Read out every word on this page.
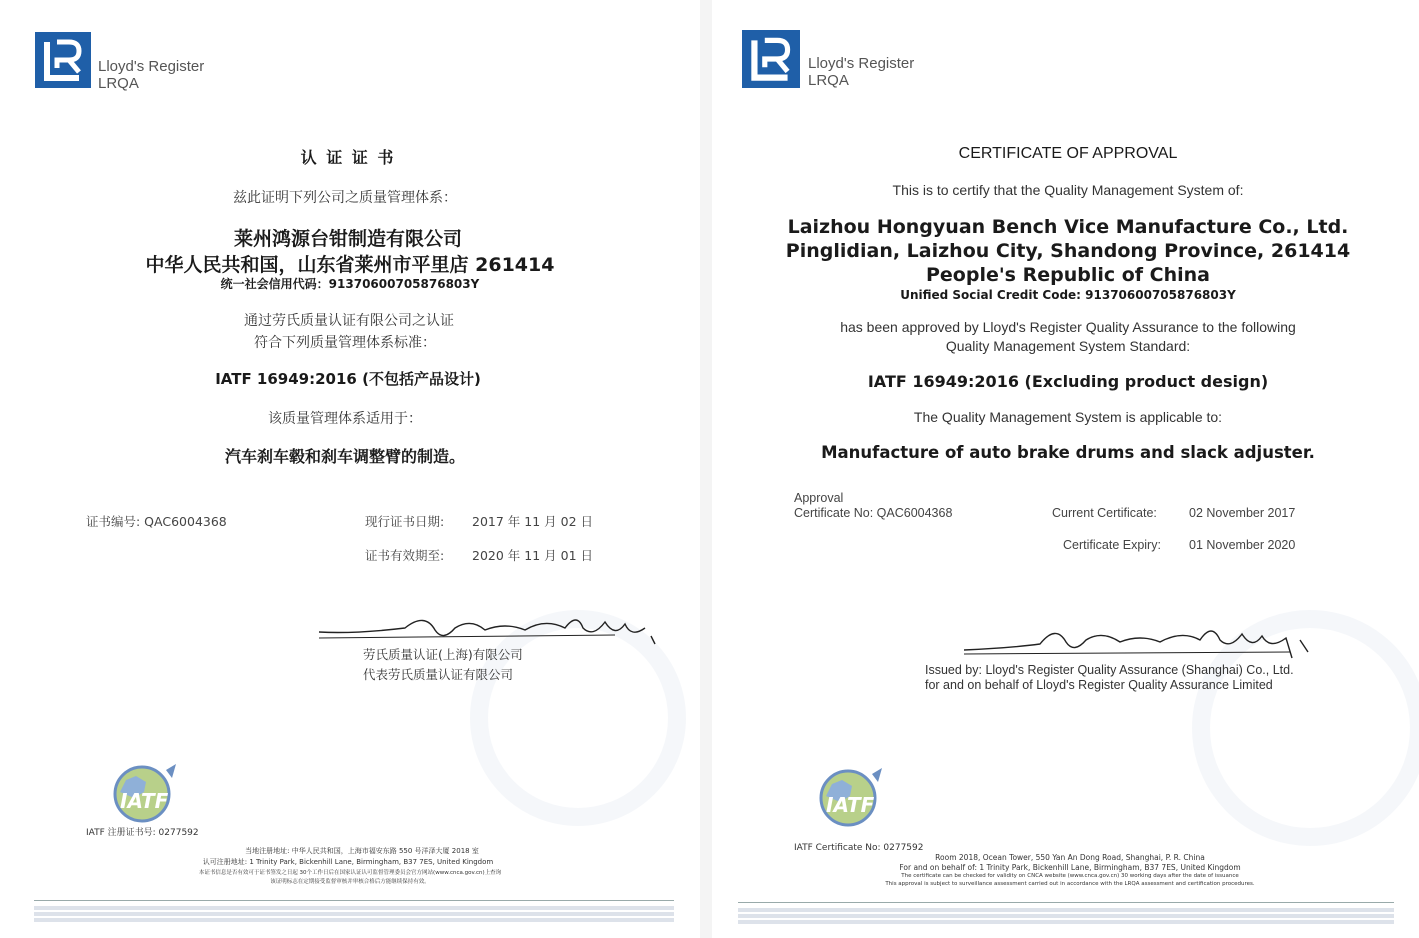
Lloyd's Register
LRQA
认 证 证 书
兹此证明下列公司之质量管理体系：
莱州鸿源台钳制造有限公司
中华人民共和国，山东省莱州市平里店 261414
统一社会信用代码：91370600705876803Y
通过劳氏质量认证有限公司之认证
符合下列质量管理体系标准：
IATF 16949:2016 (不包括产品设计)
该质量管理体系适用于：
汽车刹车毂和刹车调整臂的制造。
证书编号: QAC6004368	现行证书日期: 2017 年 11 月 02 日
证书有效期至: 2020 年 11 月 01 日
劳氏质量认证(上海)有限公司
代表劳氏质量认证有限公司
IATF
IATF 注册证书号: 0277592
当地注册地址: 中华人民共和国，上海市福安东路 550 号洋泽大厦 2018 室
认可注册地址: 1 Trinity Park, Bickenhill Lane, Birmingham, B37 7ES, United Kingdom
本证书信息是否有效可于证书签发之日起 30个工作日后在国家认证认可监督管理委员会官方网站(www.cnca.gov.cn)上查询
该证明标志在定期接受监督审核并审核合格后方能继续保持有效。
Lloyd's Register
LRQA
CERTIFICATE OF APPROVAL
This is to certify that the Quality Management System of:
Laizhou Hongyuan Bench Vice Manufacture Co., Ltd.
Pinglidian, Laizhou City, Shandong Province, 261414
People's Republic of China
Unified Social Credit Code: 91370600705876803Y
has been approved by Lloyd's Register Quality Assurance to the following
Quality Management System Standard:
IATF 16949:2016 (Excluding product design)
The Quality Management System is applicable to:
Manufacture of auto brake drums and slack adjuster.
Approval
Certificate No: QAC6004368	Current Certificate:	02 November 2017
Certificate Expiry: 01 November 2020
Issued by: Lloyd's Register Quality Assurance (Shanghai) Co., Ltd.
for and on behalf of Lloyd's Register Quality Assurance Limited
IATF
IATF Certificate No: 0277592
Room 2018, Ocean Tower, 550 Yan An Dong Road, Shanghai, P. R. China
For and on behalf of: 1 Trinity Park, Bickenhill Lane, Birmingham, B37 7ES, United Kingdom
The certificate can be checked for validity on CNCA website (www.cnca.gov.cn) 30 working days after the date of issuance
This approval is subject to surveillance assessment carried out in accordance with the LRQA assessment and certification procedures.
